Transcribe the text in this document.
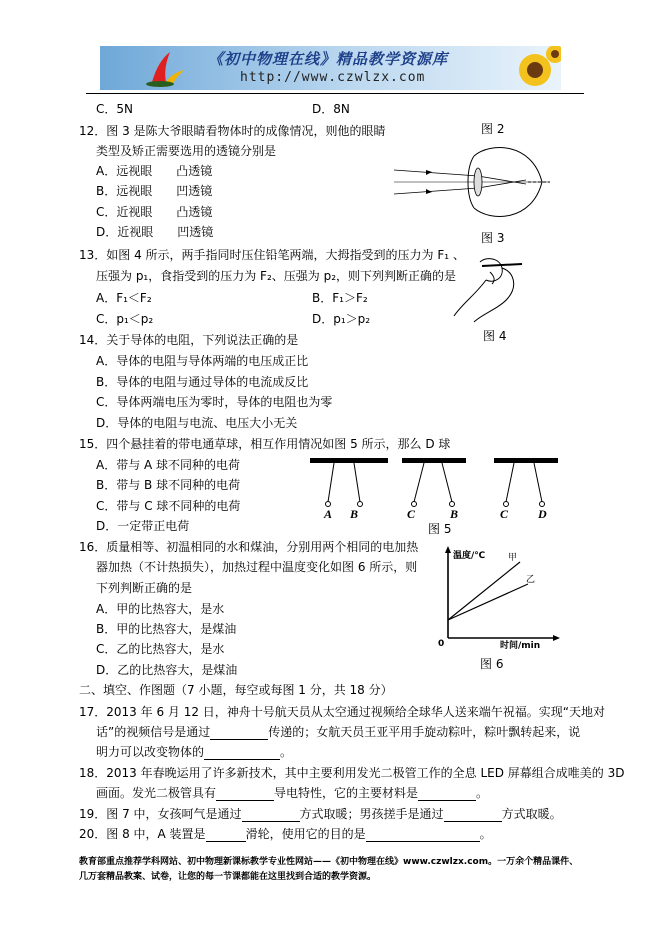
《初中物理在线》精品教学资源库
http://www.czwlzx.com
C．5N	D．8N
图 2
12．图 3 是陈大爷眼睛看物体时的成像情况，则他的眼睛
类型及矫正需要选用的透镜分别是
A．远视眼　　凸透镜
B．远视眼　　凹透镜
C．近视眼　　凸透镜
D．近视眼　　凹透镜	图 3
13．如图 4 所示，两手指同时压住铅笔两端，大拇指受到的压力为 F₁ 、
压强为 p₁，食指受到的压力为 F₂、压强为 p₂，则下列判断正确的是
A．F₁＜F₂	B．F₁＞F₂
C．p₁＜p₂	D．p₁＞p₂
图 4
14．关于导体的电阻，下列说法正确的是
A．导体的电阻与导体两端的电压成正比
B．导体的电阻与通过导体的电流成反比
C．导体两端电压为零时，导体的电阻也为零
D．导体的电阻与电流、电压大小无关
15．四个悬挂着的带电通草球，相互作用情况如图 5 所示，那么 D 球
A．带与 A 球不同种的电荷
B．带与 B 球不同种的电荷
C．带与 C 球不同种的电荷
D．一定带正电荷
A B	C	B	C D
图 5
16．质量相等、初温相同的水和煤油，分别用两个相同的电加热
器加热（不计热损失），加热过程中温度变化如图 6 所示，则
下列判断正确的是
A．甲的比热容大，是水
B．甲的比热容大，是煤油
C．乙的比热容大，是水
D．乙的比热容大，是煤油
温度/℃	甲
乙
0	时间/min
图 6
二、填空、作图题（7 小题，每空或每图 1 分，共 18 分）
17．2013 年 6 月 12 日，神舟十号航天员从太空通过视频给全球华人送来端午祝福。实现“天地对
话”的视频信号是通过	传递的；女航天员王亚平用手旋动粽叶，粽叶飘转起来，说
明力可以改变物体的	。
18．2013 年春晚运用了许多新技术，其中主要利用发光二极管工作的全息 LED 屏幕组合成唯美的 3D
画面。发光二极管具有	导电特性，它的主要材料是	。
19．图 7 中，女孩呵气是通过	方式取暖；男孩搓手是通过	方式取暖。
20．图 8 中，A 装置是	滑轮，使用它的目的是	。
教育部重点推荐学科网站、初中物理新课标教学专业性网站——《初中物理在线》www.czwlzx.com。一万余个精品课件、
几万套精品教案、试卷，让您的每一节课都能在这里找到合适的教学资源。
